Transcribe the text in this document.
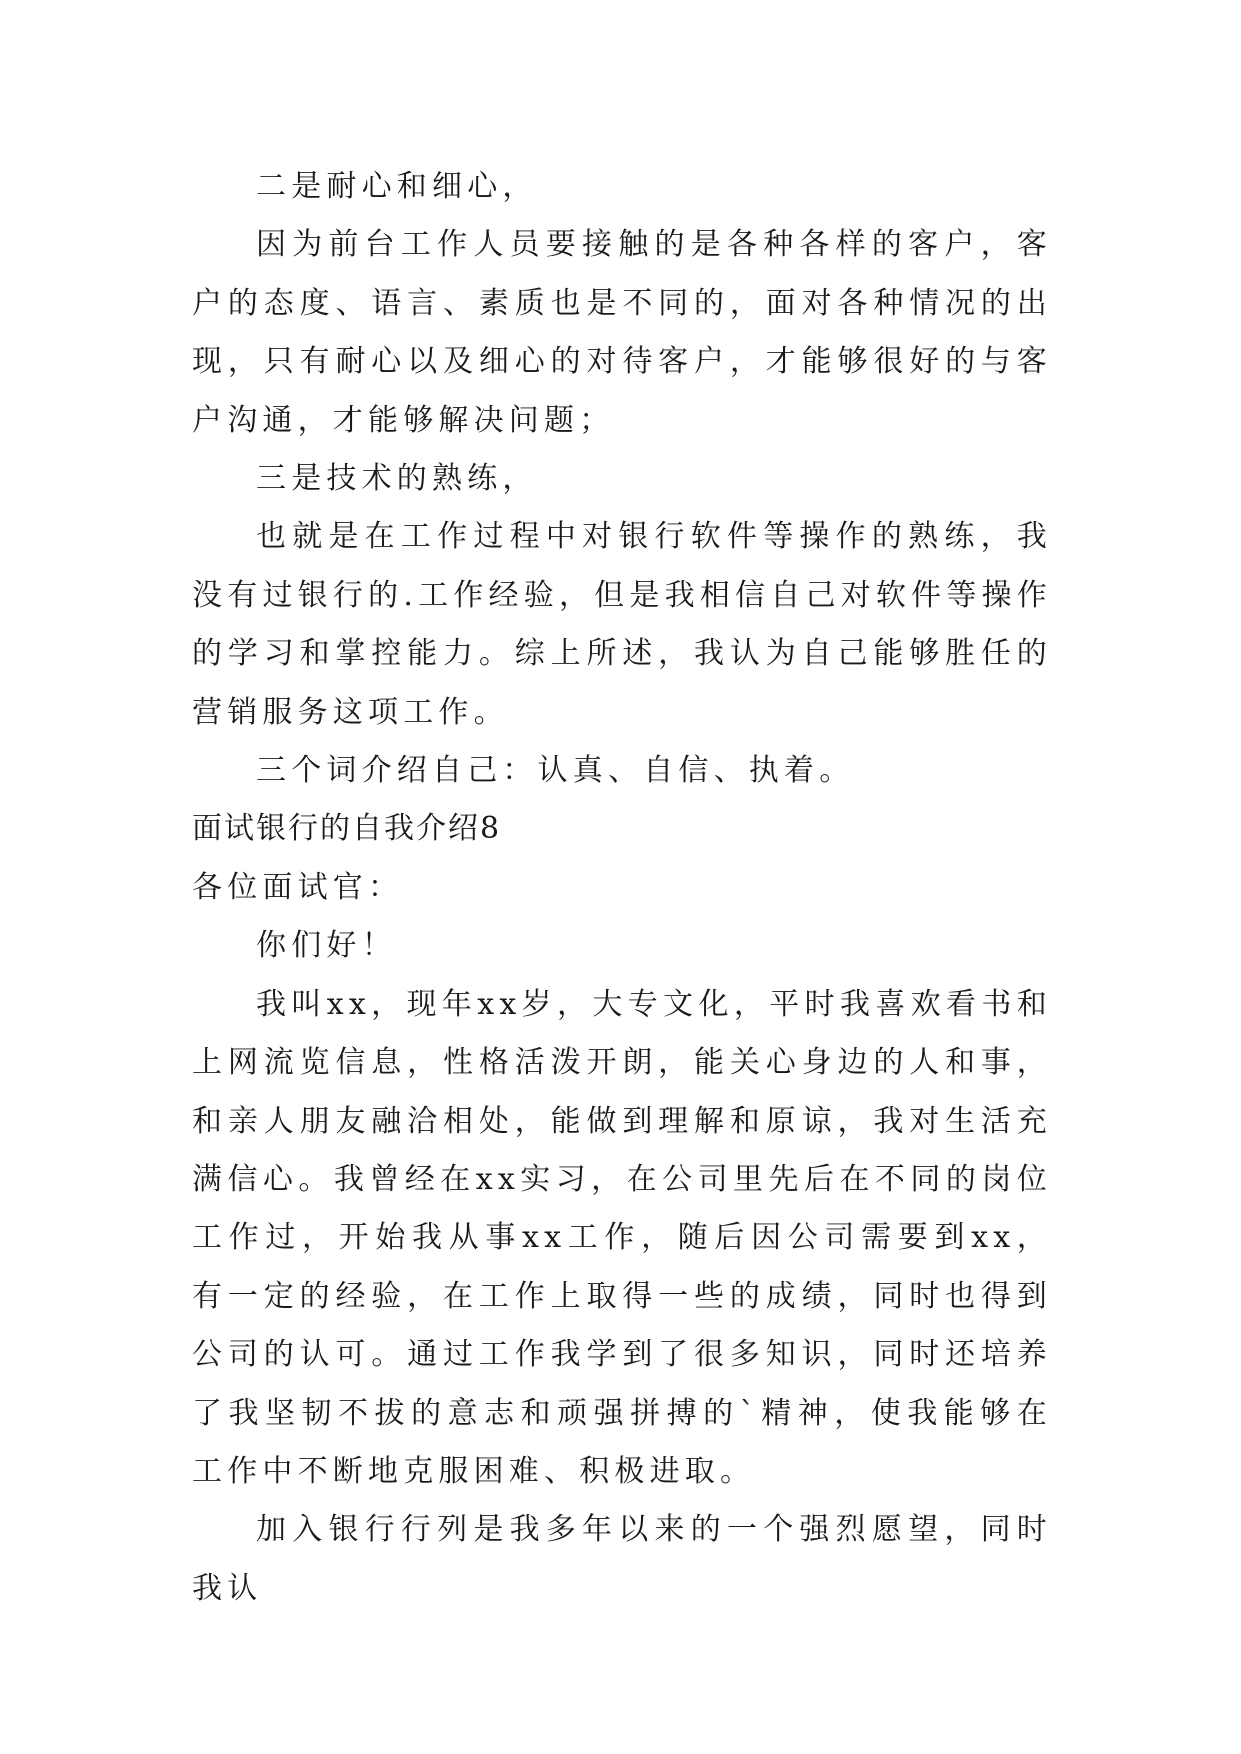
二是耐心和细心，

因为前台工作人员要接触的是各种各样的客户，客户的态度、语言、素质也是不同的，面对各种情况的出现，只有耐心以及细心的对待客户，才能够很好的与客户沟通，才能够解决问题；

三是技术的熟练，

也就是在工作过程中对银行软件等操作的熟练，我没有过银行的.工作经验，但是我相信自己对软件等操作的学习和掌控能力。综上所述，我认为自己能够胜任的营销服务这项工作。

三个词介绍自己：认真、自信、执着。

面试银行的自我介绍8

各位面试官：

你们好！

我叫xx，现年xx岁，大专文化，平时我喜欢看书和上网流览信息，性格活泼开朗，能关心身边的人和事，和亲人朋友融洽相处，能做到理解和原谅，我对生活充满信心。我曾经在xx实习，在公司里先后在不同的岗位工作过，开始我从事xx工作，随后因公司需要到xx，有一定的经验，在工作上取得一些的成绩，同时也得到公司的认可。通过工作我学到了很多知识，同时还培养了我坚韧不拔的意志和顽强拼搏的`精神，使我能够在工作中不断地克服困难、积极进取。

加入银行行列是我多年以来的一个强烈愿望，同时我认
